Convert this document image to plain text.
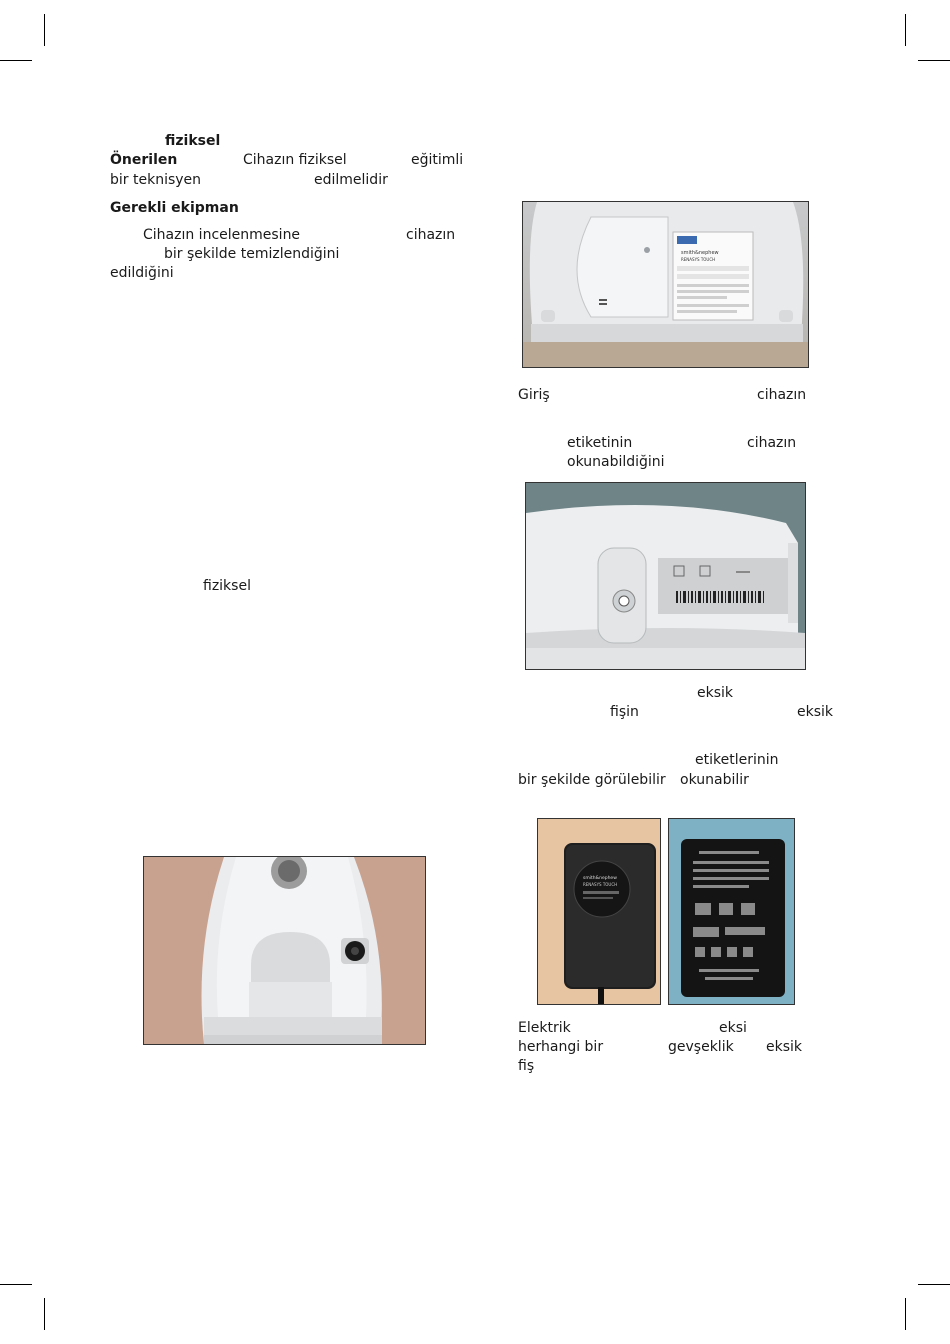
fiziksel
Önerilen	Cihazın fiziksel	eğitimli
bir teknisyen	edilmelidir
Gerekli ekipman
Cihazın incelenmesine	cihazın
bir şekilde temizlendiğini
edildiğini
fiziksel
Giriş	cihazın
etiketinin	cihazın
okunabildiğini
eksik
fişin	eksik
etiketlerinin
bir şekilde görülebilir okunabilir
Elektrik	eksi
herhangi bir	gevşeklik eksik
fiş
smith&nephew
RENASYS TOUCH
smith&nephew
RENASYS TOUCH
